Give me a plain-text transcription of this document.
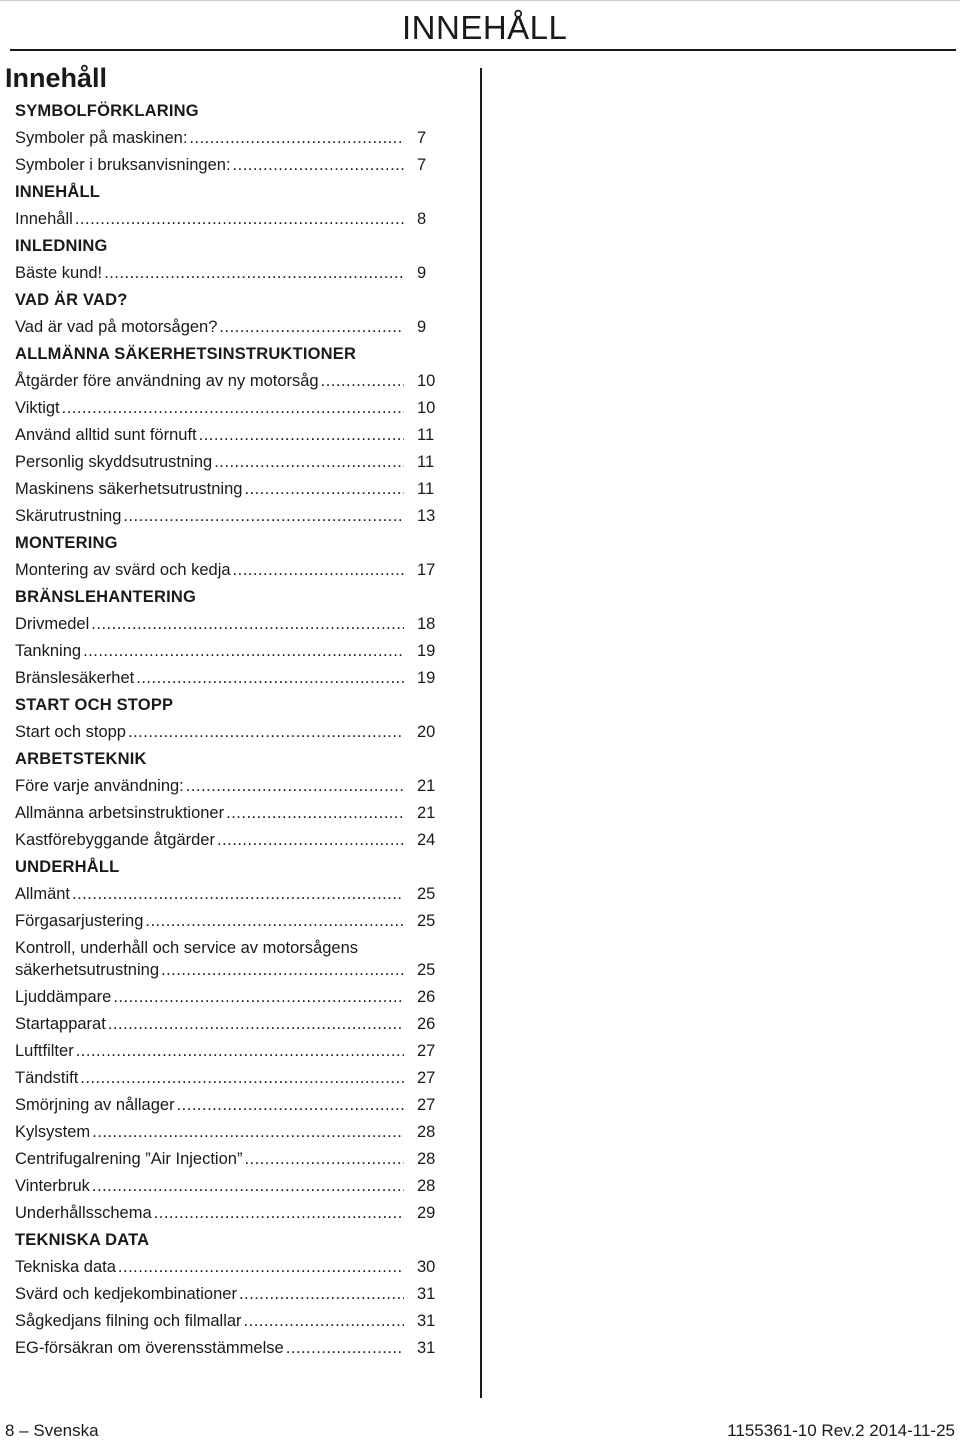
INNEHÅLL
Innehåll
SYMBOLFÖRKLARING
Symboler på maskinen: .....	7
Symboler i bruksanvisningen: .....	7
INNEHÅLL
Innehåll .....	8
INLEDNING
Bäste kund! .....	9
VAD ÄR VAD?
Vad är vad på motorsågen? .....	9
ALLMÄNNA SÄKERHETSINSTRUKTIONER
Åtgärder före användning av ny motorsåg .....	10
Viktigt .....	10
Använd alltid sunt förnuft .....	11
Personlig skyddsutrustning .....	11
Maskinens säkerhetsutrustning .....	11
Skärutrustning .....	13
MONTERING
Montering av svärd och kedja .....	17
BRÄNSLEHANTERING
Drivmedel .....	18
Tankning .....	19
Bränslesäkerhet .....	19
START OCH STOPP
Start och stopp .....	20
ARBETSTEKNIK
Före varje användning: .....	21
Allmänna arbetsinstruktioner .....	21
Kastförebyggande åtgärder .....	24
UNDERHÅLL
Allmänt .....	25
Förgasarjustering .....	25
Kontroll, underhåll och service av motorsågens
säkerhetsutrustning .....	25
Ljuddämpare .....	26
Startapparat .....	26
Luftfilter .....	27
Tändstift .....	27
Smörjning av nållager .....	27
Kylsystem .....	28
Centrifugalrening ”Air Injection” .....	28
Vinterbruk .....	28
Underhållsschema .....	29
TEKNISKA DATA
Tekniska data .....	30
Svärd och kedjekombinationer .....	31
Sågkedjans filning och filmallar .....	31
EG-försäkran om överensstämmelse .....	31
8 – Svenska	1155361-10 Rev.2 2014-11-25
